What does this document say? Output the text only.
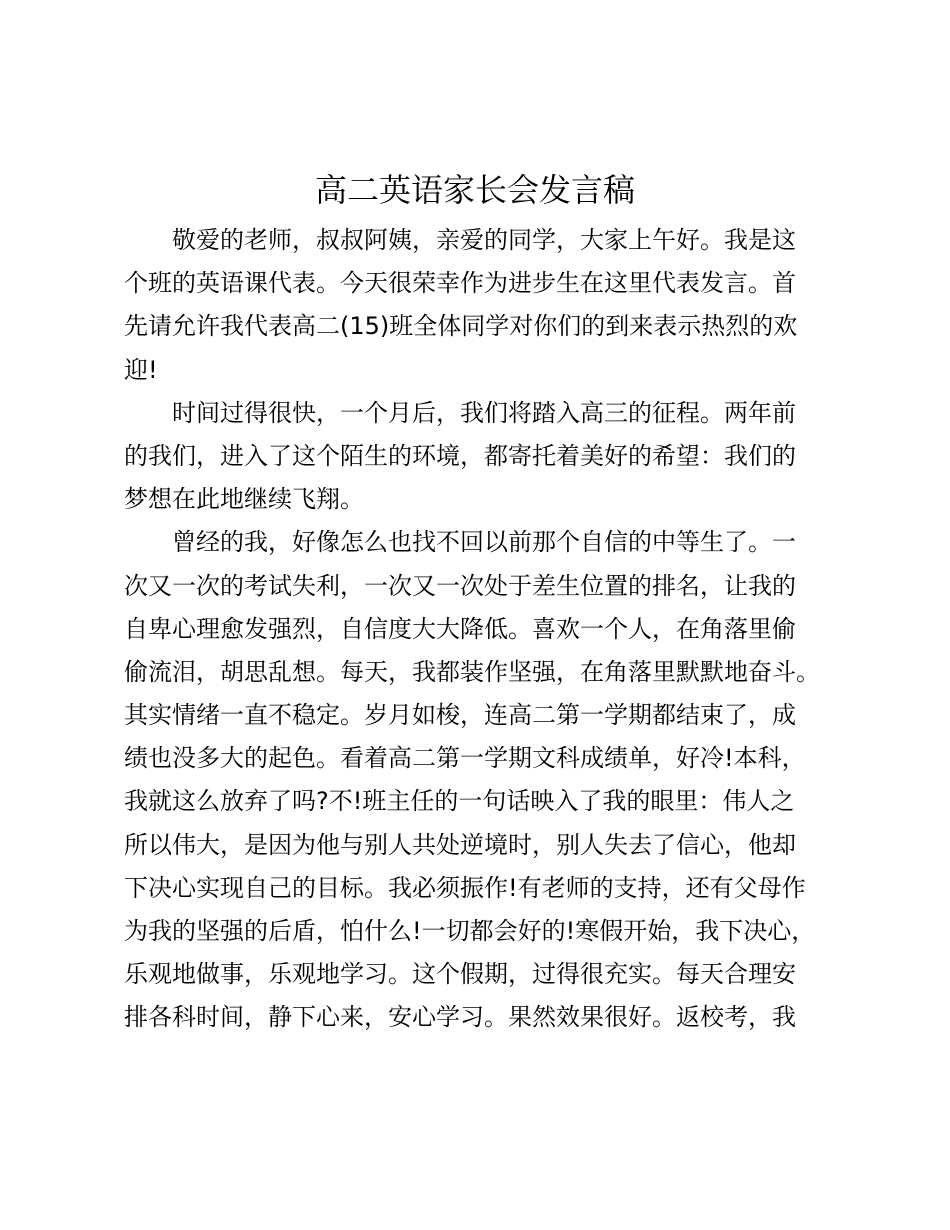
高二英语家长会发言稿

敬爱的老师，叔叔阿姨，亲爱的同学，大家上午好。我是这

个班的英语课代表。今天很荣幸作为进步生在这里代表发言。首

先请允许我代表高二(15)班全体同学对你们的到来表示热烈的欢

迎!

时间过得很快，一个月后，我们将踏入高三的征程。两年前

的我们，进入了这个陌生的环境，都寄托着美好的希望：我们的

梦想在此地继续飞翔。

曾经的我，好像怎么也找不回以前那个自信的中等生了。一

次又一次的考试失利，一次又一次处于差生位置的排名，让我的

自卑心理愈发强烈，自信度大大降低。喜欢一个人，在角落里偷

偷流泪，胡思乱想。每天，我都装作坚强，在角落里默默地奋斗。

其实情绪一直不稳定。岁月如梭，连高二第一学期都结束了，成

绩也没多大的起色。看着高二第一学期文科成绩单，好冷!本科，

我就这么放弃了吗?不!班主任的一句话映入了我的眼里：伟人之

所以伟大，是因为他与别人共处逆境时，别人失去了信心，他却

下决心实现自己的目标。我必须振作!有老师的支持，还有父母作

为我的坚强的后盾，怕什么!一切都会好的!寒假开始，我下决心，

乐观地做事，乐观地学习。这个假期，过得很充实。每天合理安

排各科时间，静下心来，安心学习。果然效果很好。返校考，我
